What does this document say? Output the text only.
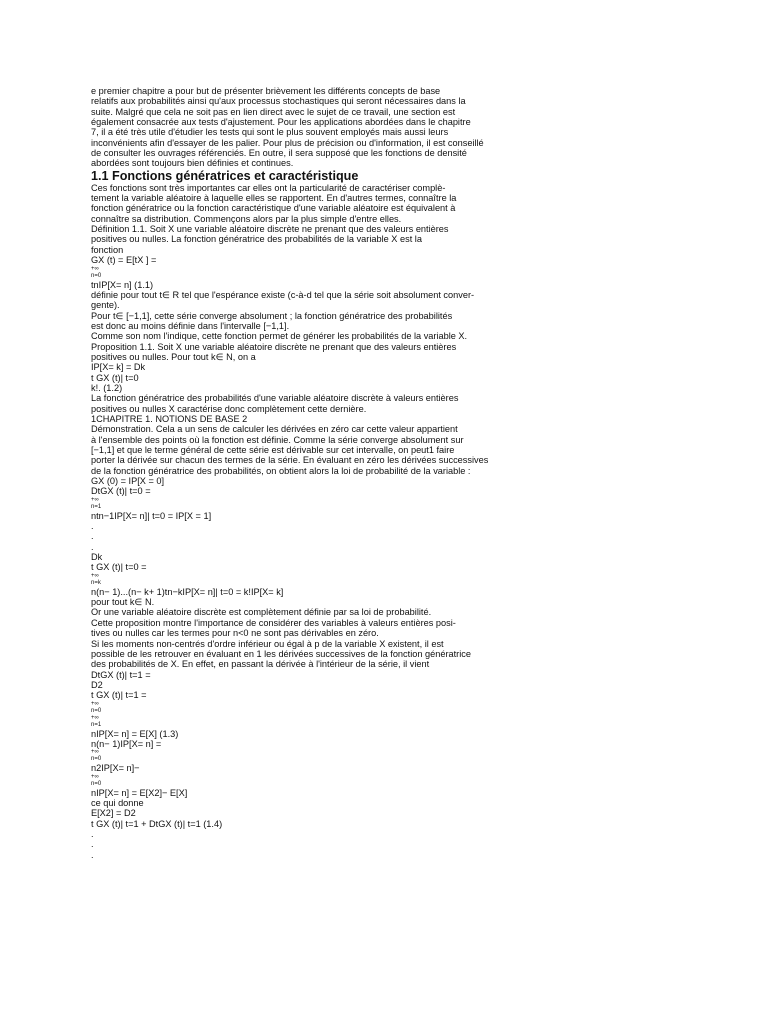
e premier chapitre a pour but de présenter brièvement les différents concepts de base
relatifs aux probabilités ainsi qu'aux processus stochastiques qui seront nécessaires dans la
suite. Malgré que cela ne soit pas en lien direct avec le sujet de ce travail, une section est
également consacrée aux tests d'ajustement. Pour les applications abordées dans le chapitre
7, il a été très utile d'étudier les tests qui sont le plus souvent employés mais aussi leurs
inconvénients afin d'essayer de les palier. Pour plus de précision ou d'information, il est conseillé
de consulter les ouvrages référenciés. En outre, il sera supposé que les fonctions de densité
abordées sont toujours bien définies et continues.
1.1 Fonctions génératrices et caractéristique
Ces fonctions sont très importantes car elles ont la particularité de caractériser complè-
tement la variable aléatoire à laquelle elles se rapportent. En d'autres termes, connaître la
fonction génératrice ou la fonction caractéristique d'une variable aléatoire est équivalent à
connaître sa distribution. Commençons alors par la plus simple d'entre elles.
Définition 1.1. Soit X une variable aléatoire discrète ne prenant que des valeurs entières
positives ou nulles. La fonction génératrice des probabilités de la variable X est la
fonction
GX (t) = E[tX ] =
+∞
n=0
tnIP[X= n] (1.1)
définie pour tout t∈ R tel que l'espérance existe (c-à-d tel que la série soit absolument conver-
gente).
Pour t∈ [−1,1], cette série converge absolument ; la fonction génératrice des probabilités
est donc au moins définie dans l'intervalle [−1,1].
Comme son nom l'indique, cette fonction permet de générer les probabilités de la variable X.
Proposition 1.1. Soit X une variable aléatoire discrète ne prenant que des valeurs entières
positives ou nulles. Pour tout k∈ N, on a
IP[X= k] = Dk
t GX (t)| t=0
k!. (1.2)
La fonction génératrice des probabilités d'une variable aléatoire discrète à valeurs entières
positives ou nulles X caractérise donc complètement cette dernière.
1CHAPITRE 1. NOTIONS DE BASE 2
Démonstration. Cela a un sens de calculer les dérivées en zéro car cette valeur appartient
à l'ensemble des points où la fonction est définie. Comme la série converge absolument sur
[−1,1] et que le terme général de cette série est dérivable sur cet intervalle, on peut1 faire
porter la dérivée sur chacun des termes de la série. En évaluant en zéro les dérivées successives
de la fonction génératrice des probabilités, on obtient alors la loi de probabilité de la variable :
GX (0) = IP[X = 0]
DtGX (t)| t=0 =
+∞
n=1
ntn−1IP[X= n]| t=0 = IP[X = 1]
.
.
.
Dk
t GX (t)| t=0 =
+∞
n=k
n(n− 1)...(n− k+ 1)tn−kIP[X= n]| t=0 = k!IP[X= k]
pour tout k∈ N.
Or une variable aléatoire discrète est complètement définie par sa loi de probabilité.
Cette proposition montre l'importance de considérer des variables à valeurs entières posi-
tives ou nulles car les termes pour n<0 ne sont pas dérivables en zéro.
Si les moments non-centrés d'ordre inférieur ou égal à p de la variable X existent, il est
possible de les retrouver en évaluant en 1 les dérivées successives de la fonction génératrice
des probabilités de X. En effet, en passant la dérivée à l'intérieur de la série, il vient
DtGX (t)| t=1 =
D2
t GX (t)| t=1 =
+∞
n=0
+∞
n=1
nIP[X= n] = E[X] (1.3)
n(n− 1)IP[X= n] =
+∞
n=0
n2IP[X= n]−
+∞
n=0
nIP[X= n] = E[X2]− E[X]
ce qui donne
E[X2] = D2
t GX (t)| t=1 + DtGX (t)| t=1 (1.4)
.
.
.
